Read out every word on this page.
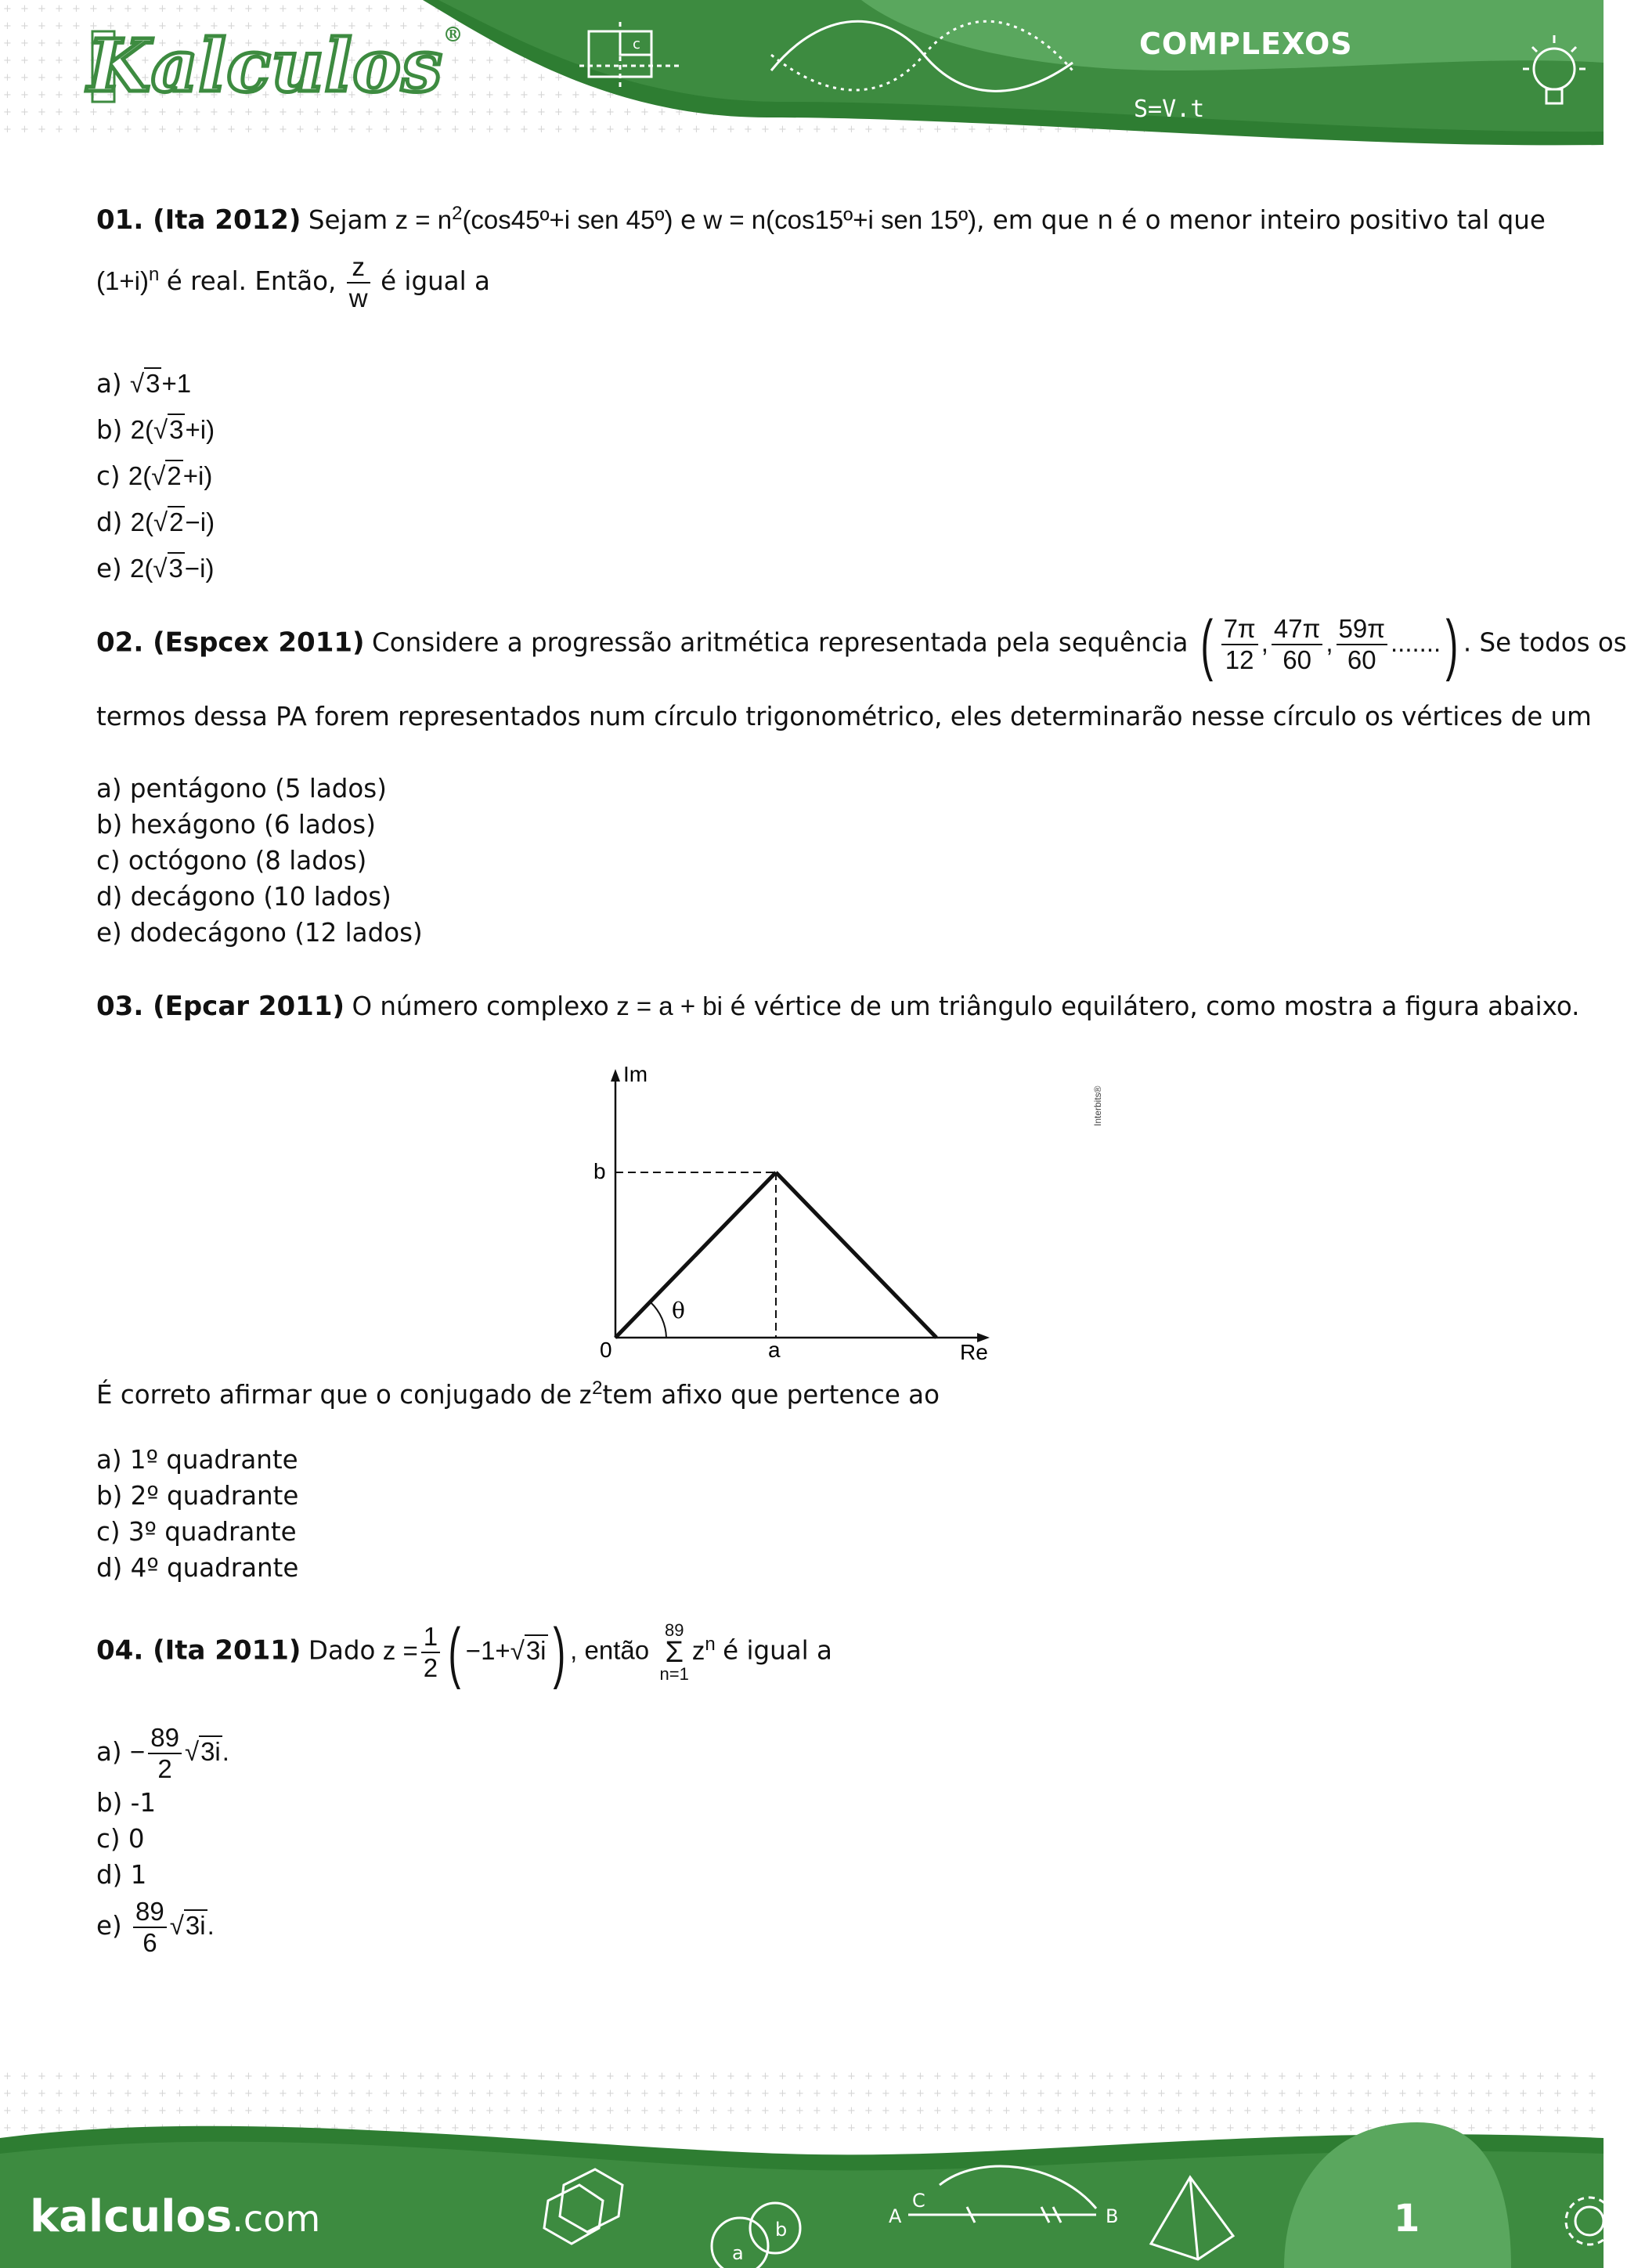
c
Kalculos®	COMPLEXOS
S=V.t
01. (Ita 2012) Sejam $z = n^2(\cos 45º+i$ sen 45º) e w = n(cos15º+i sen 15º), em que n é o menor inteiro positivo tal que
$(1+i)^n$ é real. Então, $\frac{z}{w}$ é igual a
a) √3+1
b) 2(√3+i)
c) 2(√2+i)
d) 2(√2−i)
e) 2(√3−i)
02. (Espcex 2011) Considere a progressão aritmética representada pela sequência ( $\frac{7\pi}{12}$ , $\frac{47\pi}{60}$ , $\frac{59\pi}{60}$ .......) . Se todos os
termos dessa PA forem representados num círculo trigonométrico, eles determinarão nesse círculo os vértices de um
a) pentágono (5 lados)
b) hexágono (6 lados)
c) octógono (8 lados)
d) decágono (10 lados)
e) dodecágono (12 lados)
03. (Epcar 2011) O número complexo z = a + bi é vértice de um triângulo equilátero, como mostra a figura abaixo.
Im
Re
b
a
0
θ
Interbits®
É correto afirmar que o conjugado de $z^2tem$ afixo que pertence ao
a) 1º quadrante
b) 2º quadrante
c) 3º quadrante
d) 4º quadrante
04. (Ita 2011) Dado $z = \frac{1}{2}$ ( −1+√3i) , então
89
Σ
n=1
$z^n$ é igual a
$a) - \frac{89}{2} √3i$.
b) -1
c) 0
d) 1
$e) \frac{89}{6} √3i$.
a
b
C
A	B
kalculos.com	1
